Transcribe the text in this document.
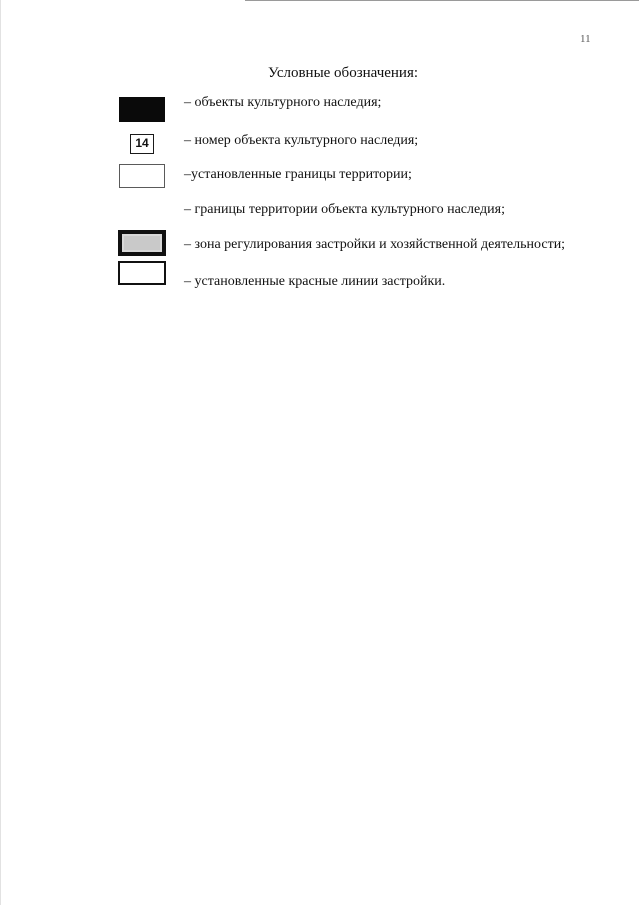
11
Условные обозначения:
– объекты культурного наследия;
14	– номер объекта культурного наследия;
–установленные границы территории;
– границы территории объекта культурного наследия;
– зона регулирования застройки и хозяйственной деятельности;
– установленные красные линии застройки.
